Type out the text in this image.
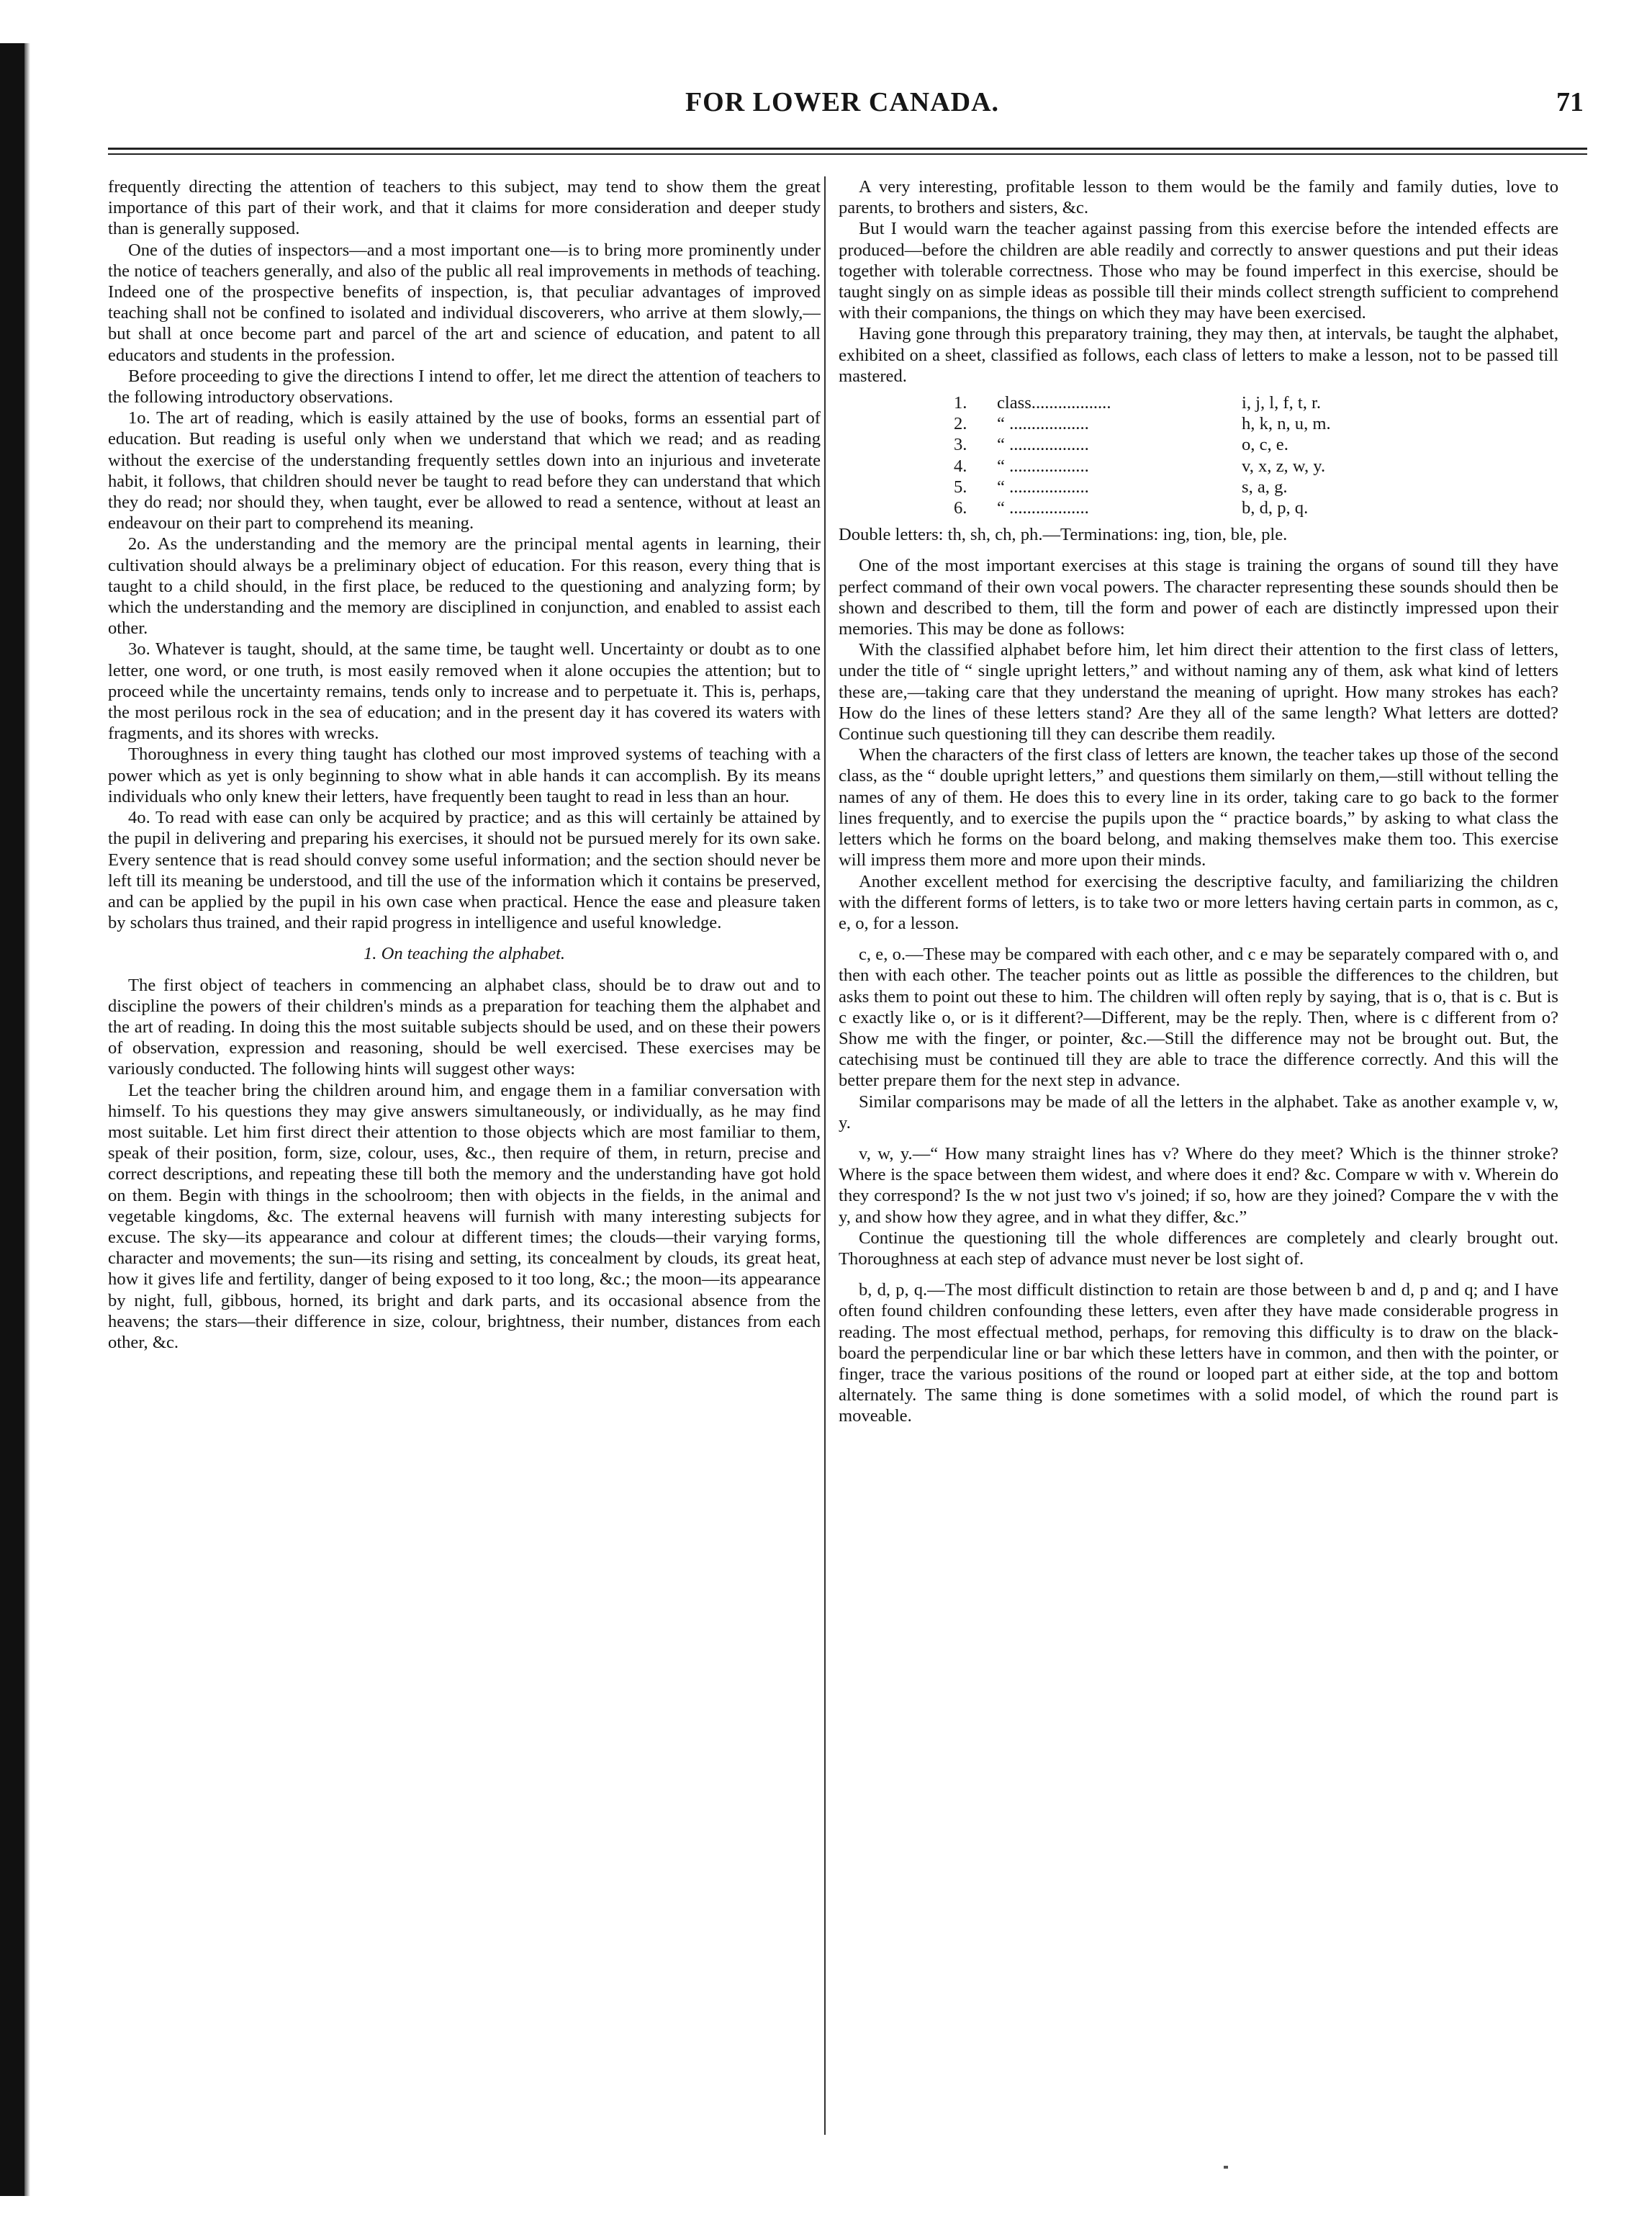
FOR LOWER CANADA.	71

frequently directing the attention of teachers to this subject, may tend to show them the great importance of this part of their work, and that it claims for more consideration and deeper study than is generally supposed.

One of the duties of inspectors—and a most important one—is to bring more prominently under the notice of teachers generally, and also of the public all real improvements in methods of teaching. Indeed one of the prospective benefits of inspection, is, that peculiar advantages of improved teaching shall not be confined to isolated and individual discoverers, who arrive at them slowly,—but shall at once become part and parcel of the art and science of education, and patent to all educators and students in the profession.

Before proceeding to give the directions I intend to offer, let me direct the attention of teachers to the following introductory observations.

1o. The art of reading, which is easily attained by the use of books, forms an essential part of education. But reading is useful only when we understand that which we read; and as reading without the exercise of the understanding frequently settles down into an injurious and inveterate habit, it follows, that children should never be taught to read before they can understand that which they do read; nor should they, when taught, ever be allowed to read a sentence, without at least an endeavour on their part to comprehend its meaning.

2o. As the understanding and the memory are the principal mental agents in learning, their cultivation should always be a preliminary object of education. For this reason, every thing that is taught to a child should, in the first place, be reduced to the questioning and analyzing form; by which the understanding and the memory are disciplined in conjunction, and enabled to assist each other.

3o. Whatever is taught, should, at the same time, be taught well. Uncertainty or doubt as to one letter, one word, or one truth, is most easily removed when it alone occupies the attention; but to proceed while the uncertainty remains, tends only to increase and to perpetuate it. This is, perhaps, the most perilous rock in the sea of education; and in the present day it has covered its waters with fragments, and its shores with wrecks.

Thoroughness in every thing taught has clothed our most improved systems of teaching with a power which as yet is only beginning to show what in able hands it can accomplish. By its means individuals who only knew their letters, have frequently been taught to read in less than an hour.

4o. To read with ease can only be acquired by practice; and as this will certainly be attained by the pupil in delivering and preparing his exercises, it should not be pursued merely for its own sake. Every sentence that is read should convey some useful information; and the section should never be left till its meaning be understood, and till the use of the information which it contains be preserved, and can be applied by the pupil in his own case when practical. Hence the ease and pleasure taken by scholars thus trained, and their rapid progress in intelligence and useful knowledge.

1. On teaching the alphabet.

The first object of teachers in commencing an alphabet class, should be to draw out and to discipline the powers of their children's minds as a preparation for teaching them the alphabet and the art of reading. In doing this the most suitable subjects should be used, and on these their powers of observation, expression and reasoning, should be well exercised. These exercises may be variously conducted. The following hints will suggest other ways:

Let the teacher bring the children around him, and engage them in a familiar conversation with himself. To his questions they may give answers simultaneously, or individually, as he may find most suitable. Let him first direct their attention to those objects which are most familiar to them, speak of their position, form, size, colour, uses, &c., then require of them, in return, precise and correct descriptions, and repeating these till both the memory and the understanding have got hold on them. Begin with things in the schoolroom; then with objects in the fields, in the animal and vegetable kingdoms, &c. The external heavens will furnish with many interesting subjects for excuse. The sky—its appearance and colour at different times; the clouds—their varying forms, character and movements; the sun—its rising and setting, its concealment by clouds, its great heat, how it gives life and fertility, danger of being exposed to it too long, &c.; the moon—its appearance by night, full, gibbous, horned, its bright and dark parts, and its occasional absence from the heavens; the stars—their difference in size, colour, brightness, their number, distances from each other, &c.

A very interesting, profitable lesson to them would be the family and family duties, love to parents, to brothers and sisters, &c.

But I would warn the teacher against passing from this exercise before the intended effects are produced—before the children are able readily and correctly to answer questions and put their ideas together with tolerable correctness. Those who may be found imperfect in this exercise, should be taught singly on as simple ideas as possible till their minds collect strength sufficient to comprehend with their companions, the things on which they may have been exercised.

Having gone through this preparatory training, they may then, at intervals, be taught the alphabet, exhibited on a sheet, classified as follows, each class of letters to make a lesson, not to be passed till mastered.

1.	class..................	i, j, l, f, t, r.
2.	“ ..................	h, k, n, u, m.
3.	“ ..................	o, c, e.
4.	“ ..................	v, x, z, w, y.
5.	“ ..................	s, a, g.
6.	“ ..................	b, d, p, q.

Double letters: th, sh, ch, ph.—Terminations: ing, tion, ble, ple.

One of the most important exercises at this stage is training the organs of sound till they have perfect command of their own vocal powers. The character representing these sounds should then be shown and described to them, till the form and power of each are distinctly impressed upon their memories. This may be done as follows:

With the classified alphabet before him, let him direct their attention to the first class of letters, under the title of “ single upright letters,” and without naming any of them, ask what kind of letters these are,—taking care that they understand the meaning of upright. How many strokes has each? How do the lines of these letters stand? Are they all of the same length? What letters are dotted? Continue such questioning till they can describe them readily.

When the characters of the first class of letters are known, the teacher takes up those of the second class, as the “ double upright letters,” and questions them similarly on them,—still without telling the names of any of them. He does this to every line in its order, taking care to go back to the former lines frequently, and to exercise the pupils upon the “ practice boards,” by asking to what class the letters which he forms on the board belong, and making themselves make them too. This exercise will impress them more and more upon their minds.

Another excellent method for exercising the descriptive faculty, and familiarizing the children with the different forms of letters, is to take two or more letters having certain parts in common, as c, e, o, for a lesson.

c, e, o.—These may be compared with each other, and c e may be separately compared with o, and then with each other. The teacher points out as little as possible the differences to the children, but asks them to point out these to him. The children will often reply by saying, that is o, that is c. But is c exactly like o, or is it different?—Different, may be the reply. Then, where is c different from o? Show me with the finger, or pointer, &c.—Still the difference may not be brought out. But, the catechising must be continued till they are able to trace the difference correctly. And this will the better prepare them for the next step in advance.

Similar comparisons may be made of all the letters in the alphabet. Take as another example v, w, y.

v, w, y.—“ How many straight lines has v? Where do they meet? Which is the thinner stroke? Where is the space between them widest, and where does it end? &c. Compare w with v. Wherein do they correspond? Is the w not just two v's joined; if so, how are they joined? Compare the v with the y, and show how they agree, and in what they differ, &c.”

Continue the questioning till the whole differences are completely and clearly brought out. Thoroughness at each step of advance must never be lost sight of.

b, d, p, q.—The most difficult distinction to retain are those between b and d, p and q; and I have often found children confounding these letters, even after they have made considerable progress in reading. The most effectual method, perhaps, for removing this difficulty is to draw on the black-board the perpendicular line or bar which these letters have in common, and then with the pointer, or finger, trace the various positions of the round or looped part at either side, at the top and bottom alternately. The same thing is done sometimes with a solid model, of which the round part is moveable.
